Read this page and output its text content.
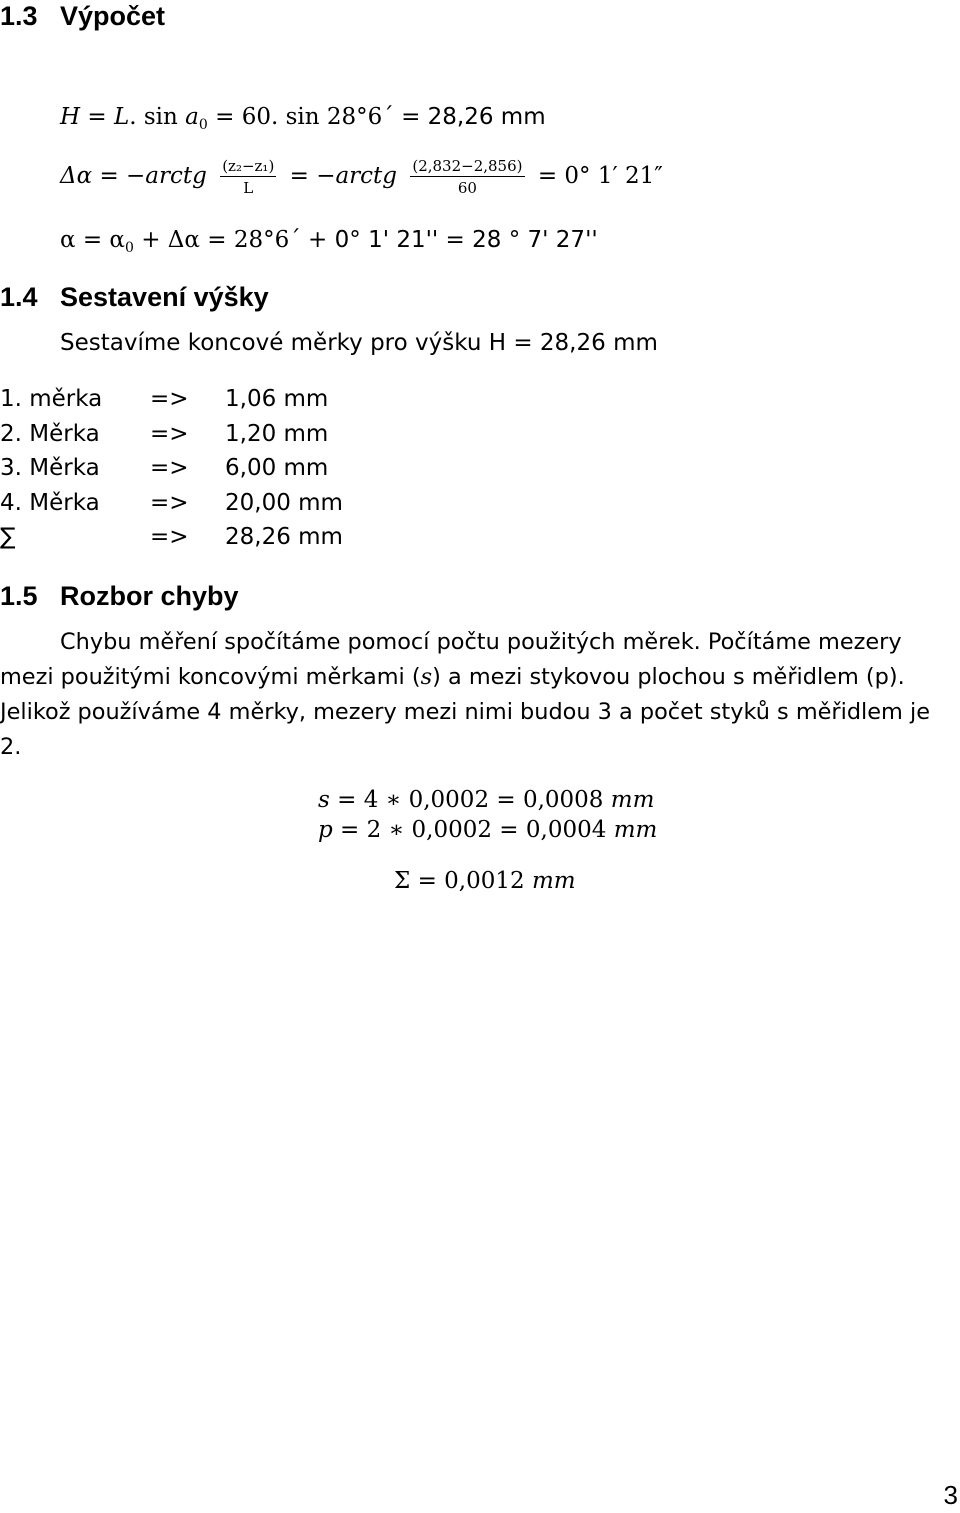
1.3 Výpočet
H = L. $\sin a_0 = 60$. sin 28°6´ = 28,26 mm
Δα = −arctg $\frac{\text{(z₂−z₁)}}{L}$ = −arctg $\frac{(2,832-2,856)}{60} = 0^\circ$ 1′ 21″
$\alpha = \alpha_0 + \Delta\alpha$ = 28°6´ + 0° 1' 21'' = 28 ° 7' 27''
1.4 Sestavení výšky
Sestavíme koncové měrky pro výšku H = 28,26 mm
1. měrka => 1,06 mm
2. Měrka => 1,20 mm
3. Měrka => 6,00 mm
4. Měrka => 20,00 mm
∑	=> 28,26 mm
1.5 Rozbor chyby

Chybu měření spočítáme pomocí počtu použitých měrek. Počítáme mezery mezi použitými koncovými měrkami (s) a mezi stykovou plochou s měřidlem (p). Jelikož používáme 4 měrky, mezery mezi nimi budou 3 a počet styků s měřidlem je 2.

s = 4 ∗ 0,0002 = 0,0008 mm
p = 2 ∗ 0,0002 = 0,0004 mm
Σ = 0,0012 mm
3
